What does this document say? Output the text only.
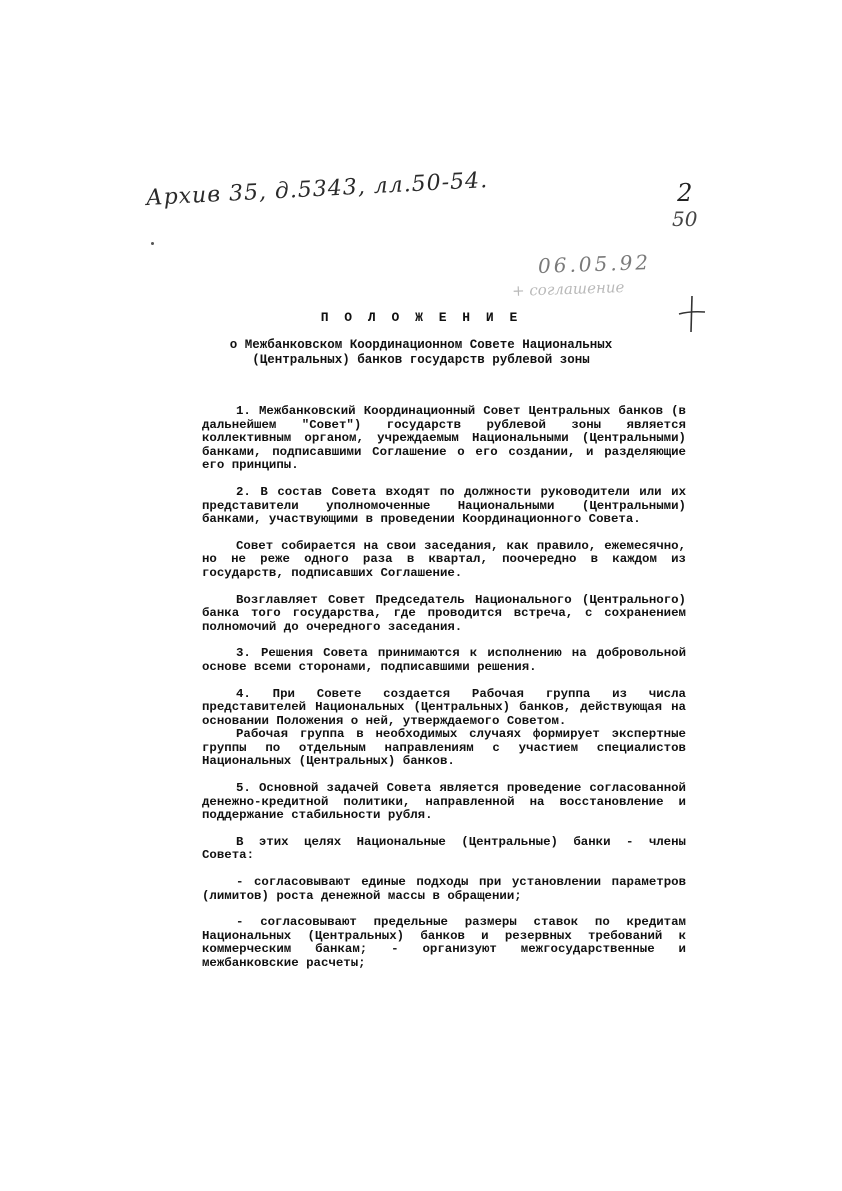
Архив 35, д.5343, лл.50-54.	2
50
06.05.92
+ соглашение
П О Л О Ж Е Н И Е
о Межбанковском Координационном Совете Национальных
(Центральных) банков государств рублевой зоны

1. Межбанковский Координационный Совет Центральных банков (в дальнейшем "Совет") государств рублевой зоны является коллективным органом, учреждаемым Национальными (Центральными) банками, подписавшими Соглашение о его создании, и разделяющие его принципы.

2. В состав Совета входят по должности руководители или их представители уполномоченные Национальными (Центральными) банками, участвующими в проведении Координационного Совета.

Совет собирается на свои заседания, как правило, ежемесячно, но не реже одного раза в квартал, поочередно в каждом из государств, подписавших Соглашение.

Возглавляет Совет Председатель Национального (Центрального) банка того государства, где проводится встреча, с сохранением полномочий до очередного заседания.

3. Решения Совета принимаются к исполнению на добровольной основе всеми сторонами, подписавшими решения.

4. При Совете создается Рабочая группа из числа представителей Национальных (Центральных) банков, действующая на основании Положения о ней, утверждаемого Советом.

Рабочая группа в необходимых случаях формирует экспертные группы по отдельным направлениям с участием специалистов Национальных (Центральных) банков.

5. Основной задачей Совета является проведение согласованной денежно-кредитной политики, направленной на восстановление и поддержание стабильности рубля.

В этих целях Национальные (Центральные) банки - члены Совета:

- согласовывают единые подходы при установлении параметров (лимитов) роста денежной массы в обращении;

- согласовывают предельные размеры ставок по кредитам Национальных (Центральных) банков и резервных требований к коммерческим банкам; - организуют межгосударственные и межбанковские расчеты;
